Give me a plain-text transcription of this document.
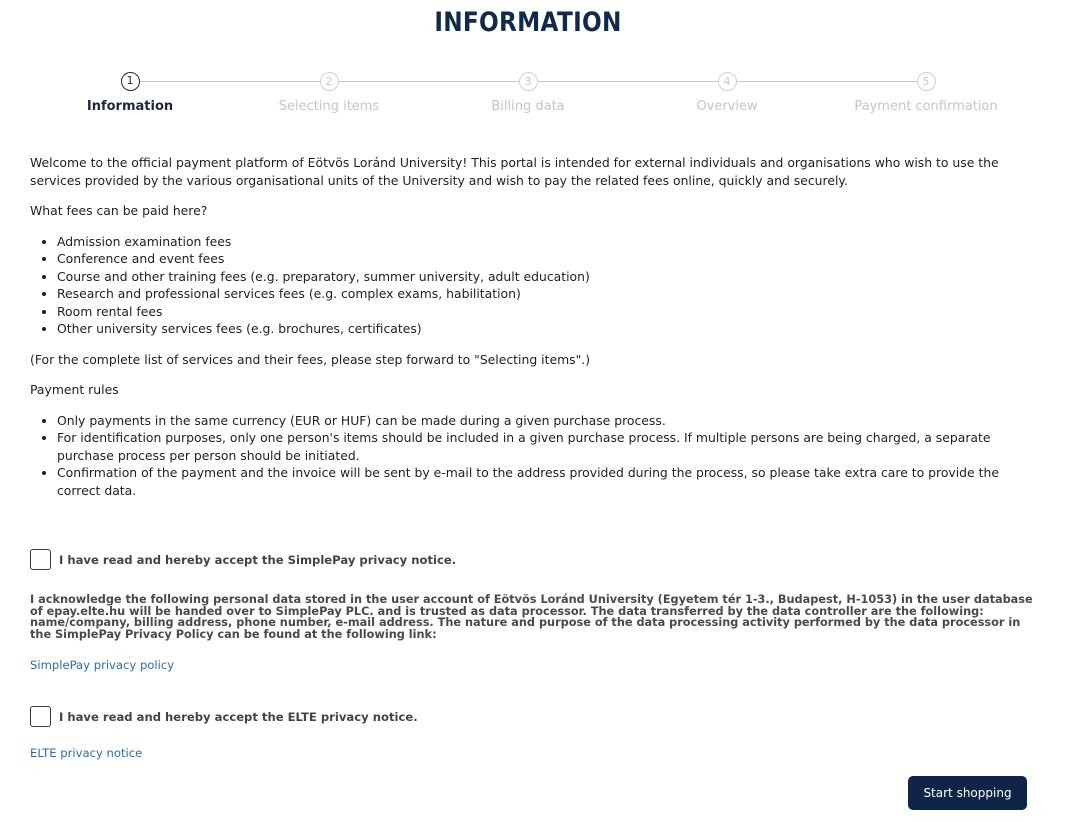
INFORMATION
1
Information
2
Selecting items
3
Billing data
4
Overview
5
Payment confirmation

Welcome to the official payment platform of Eötvös Loránd University! This portal is intended for external individuals and organisations who wish to use the services provided by the various organisational units of the University and wish to pay the related fees online, quickly and securely.

What fees can be paid here?

• Admission examination fees
• Conference and event fees
• Course and other training fees (e.g. preparatory, summer university, adult education)
• Research and professional services fees (e.g. complex exams, habilitation)
• Room rental fees
• Other university services fees (e.g. brochures, certificates)

(For the complete list of services and their fees, please step forward to "Selecting items".)

Payment rules

• Only payments in the same currency (EUR or HUF) can be made during a given purchase process.
• For identification purposes, only one person's items should be included in a given purchase process. If multiple persons are being charged, a separate purchase process per person should be initiated.
• Confirmation of the payment and the invoice will be sent by e-mail to the address provided during the process, so please take extra care to provide the correct data.
I have read and hereby accept the SimplePay privacy notice.

I acknowledge the following personal data stored in the user account of Eötvös Loránd University (Egyetem tér 1-3., Budapest, H-1053) in the user database of epay.elte.hu will be handed over to SimplePay PLC. and is trusted as data processor. The data transferred by the data controller are the following: name/company, billing address, phone number, e-mail address. The nature and purpose of the data processing activity performed by the data processor in the SimplePay Privacy Policy can be found at the following link:

SimplePay privacy policy
I have read and hereby accept the ELTE privacy notice.
ELTE privacy notice
Start shopping
